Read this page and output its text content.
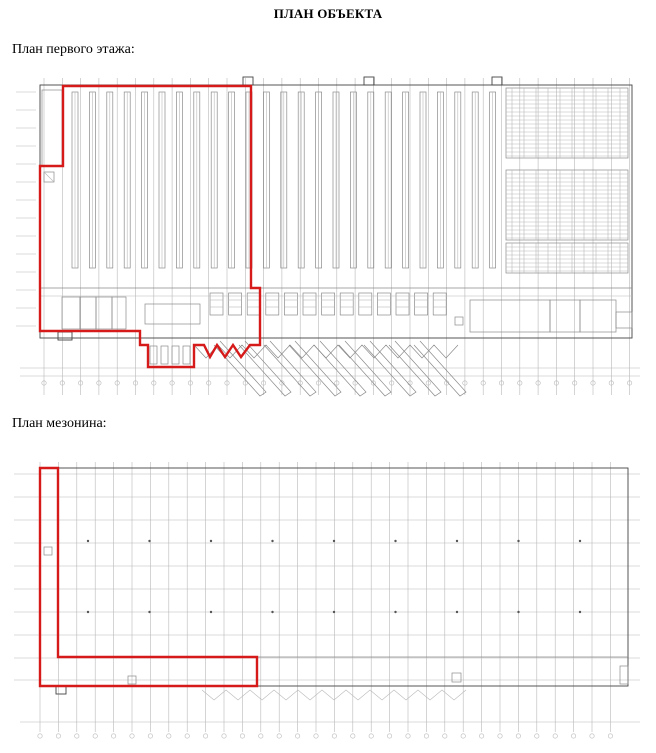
ПЛАН ОБЪЕКТА
План первого этажа:
План мезонина:
